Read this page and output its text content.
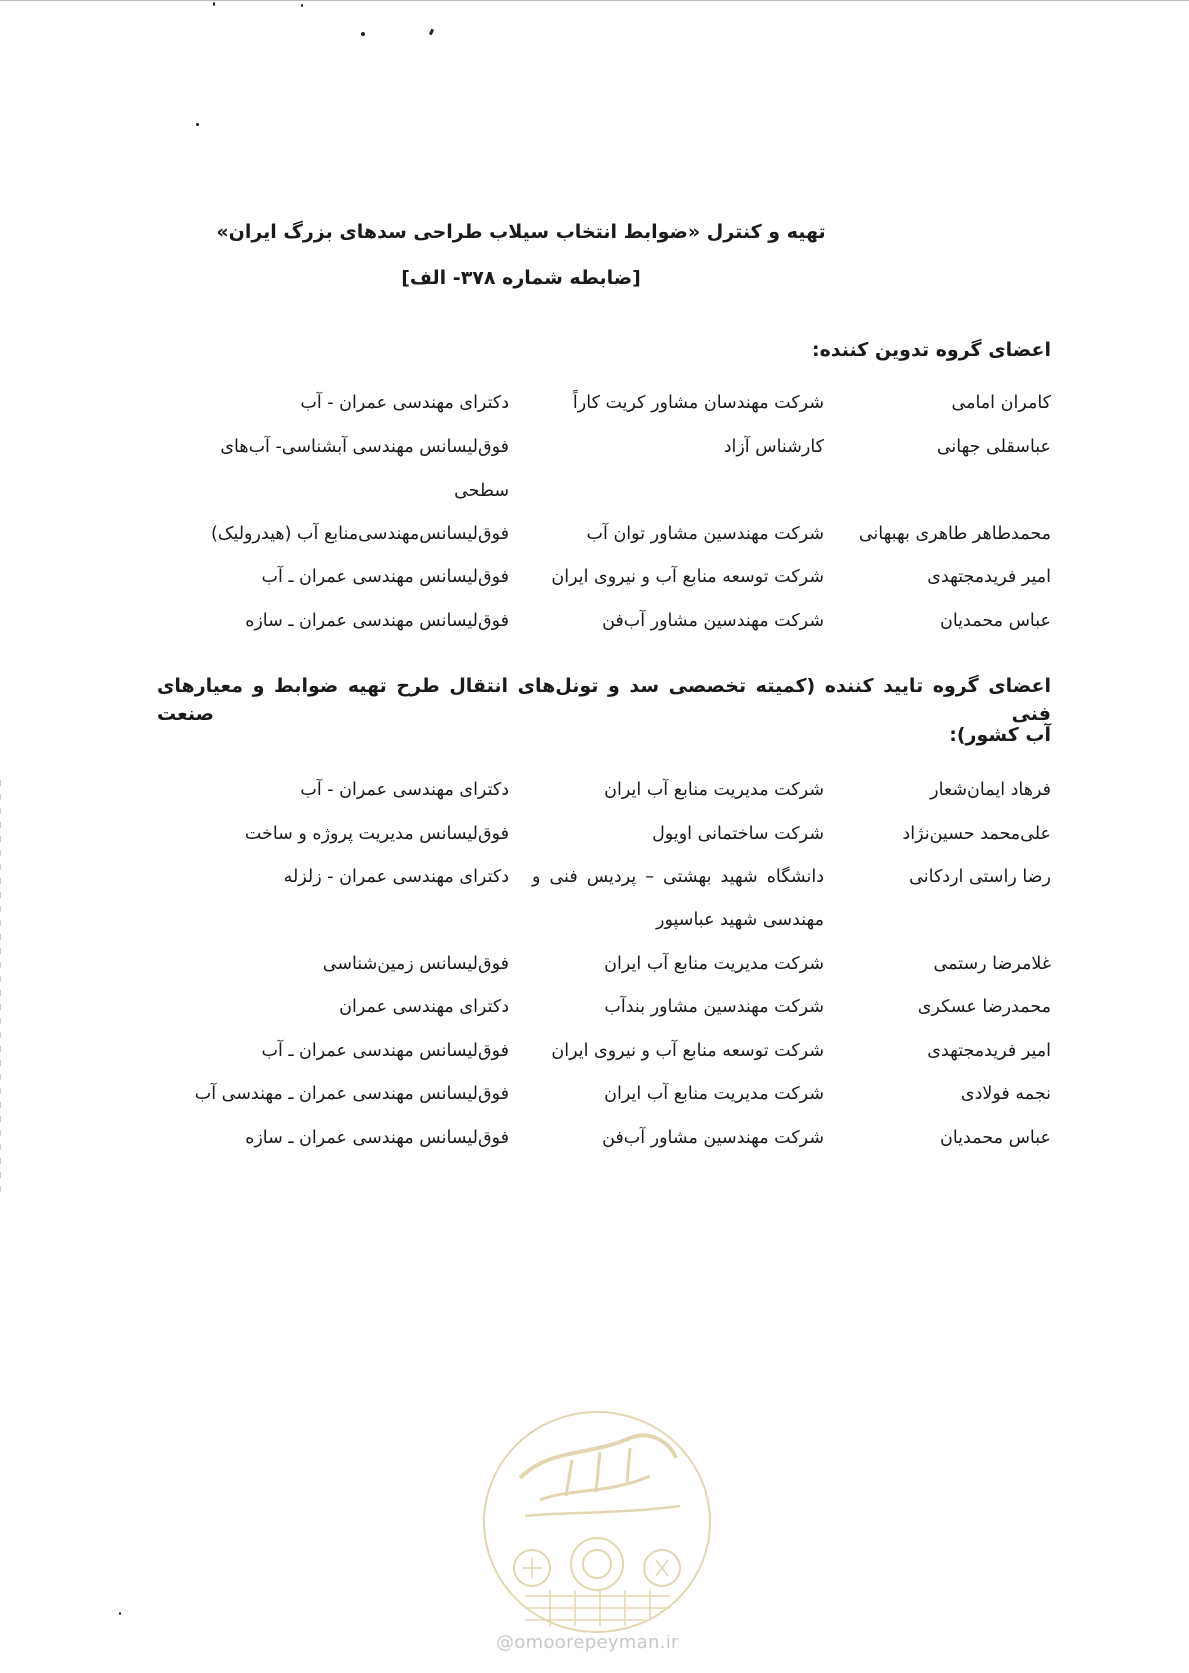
تهیه و کنترل «ضوابط انتخاب سیلاب طراحی سدهای بزرگ ایران»
[ضابطه شماره ۳۷۸- الف]
اعضای گروه تدوین کننده:
کامران امامی
شرکت مهندسان مشاور کریت کاراً
دکترای مهندسی عمران - آب
عباسقلی جهانی
کارشناس آزاد
فوق‌لیسانس مهندسی آبشناسی- آب‌های
سطحی
محمدطاهر طاهری بهبهانی
شرکت مهندسین مشاور توان آب
فوق‌لیسانس‌مهندسی‌منابع آب (هیدرولیک)
امیر فریدمجتهدی
شرکت توسعه منابع آب و نیروی ایران
فوق‌لیسانس مهندسی عمران ـ آب
عباس محمدیان
شرکت مهندسین مشاور آب‌فن
فوق‌لیسانس مهندسی عمران ـ سازه
اعضای گروه تایید کننده (کمیته تخصصی سد و تونل‌های انتقال طرح تهیه ضوابط و معیارهای فنی صنعت
آب کشور):
فرهاد ایمان‌شعار
شرکت مدیریت منابع آب ایران
دکترای مهندسی عمران - آب
علی‌محمد حسین‌نژاد
شرکت ساختمانی اویول
فوق‌لیسانس مدیریت پروژه و ساخت
رضا راستی اردکانی
دانشگاه شهید بهشتی – پردیس فنی و
دکترای مهندسی عمران - زلزله
مهندسی شهید عباسپور
غلامرضا رستمی
شرکت مدیریت منابع آب ایران
فوق‌لیسانس زمین‌شناسی
محمدرضا عسکری
شرکت مهندسین مشاور بندآب
دکترای مهندسی عمران
امیر فریدمجتهدی
شرکت توسعه منابع آب و نیروی ایران
فوق‌لیسانس مهندسی عمران ـ آب
نجمه فولادی
شرکت مدیریت منابع آب ایران
فوق‌لیسانس مهندسی عمران ـ مهندسی آب
عباس محمدیان
شرکت مهندسین مشاور آب‌فن
فوق‌لیسانس مهندسی عمران ـ سازه
@omoorepeyman.ir
